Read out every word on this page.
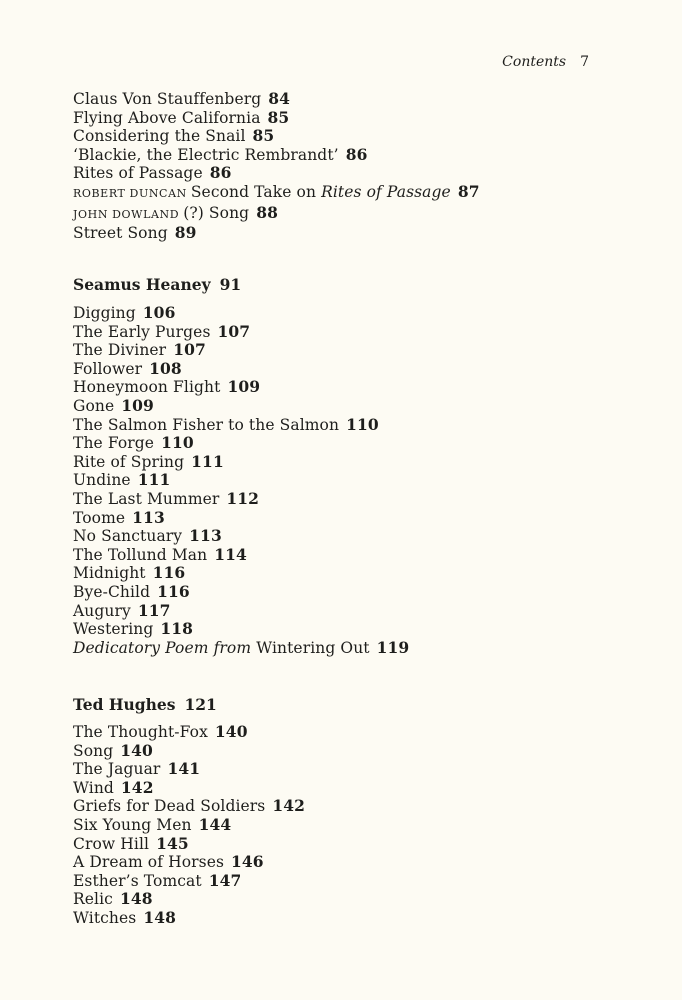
Contents 7
Claus Von Stauffenberg 84
Flying Above California 85
Considering the Snail 85
‘Blackie, the Electric Rembrandt’ 86
Rites of Passage 86
ROBERT DUNCAN Second Take on Rites of Passage 87
JOHN DOWLAND (?) Song 88
Street Song 89
Seamus Heaney 91
Digging 106
The Early Purges 107
The Diviner 107
Follower 108
Honeymoon Flight 109
Gone 109
The Salmon Fisher to the Salmon 110
The Forge 110
Rite of Spring 111
Undine 111
The Last Mummer 112
Toome 113
No Sanctuary 113
The Tollund Man 114
Midnight 116
Bye-Child 116
Augury 117
Westering 118
Dedicatory Poem from Wintering Out 119
Ted Hughes 121
The Thought-Fox 140
Song 140
The Jaguar 141
Wind 142
Griefs for Dead Soldiers 142
Six Young Men 144
Crow Hill 145
A Dream of Horses 146
Esther’s Tomcat 147
Relic 148
Witches 148
